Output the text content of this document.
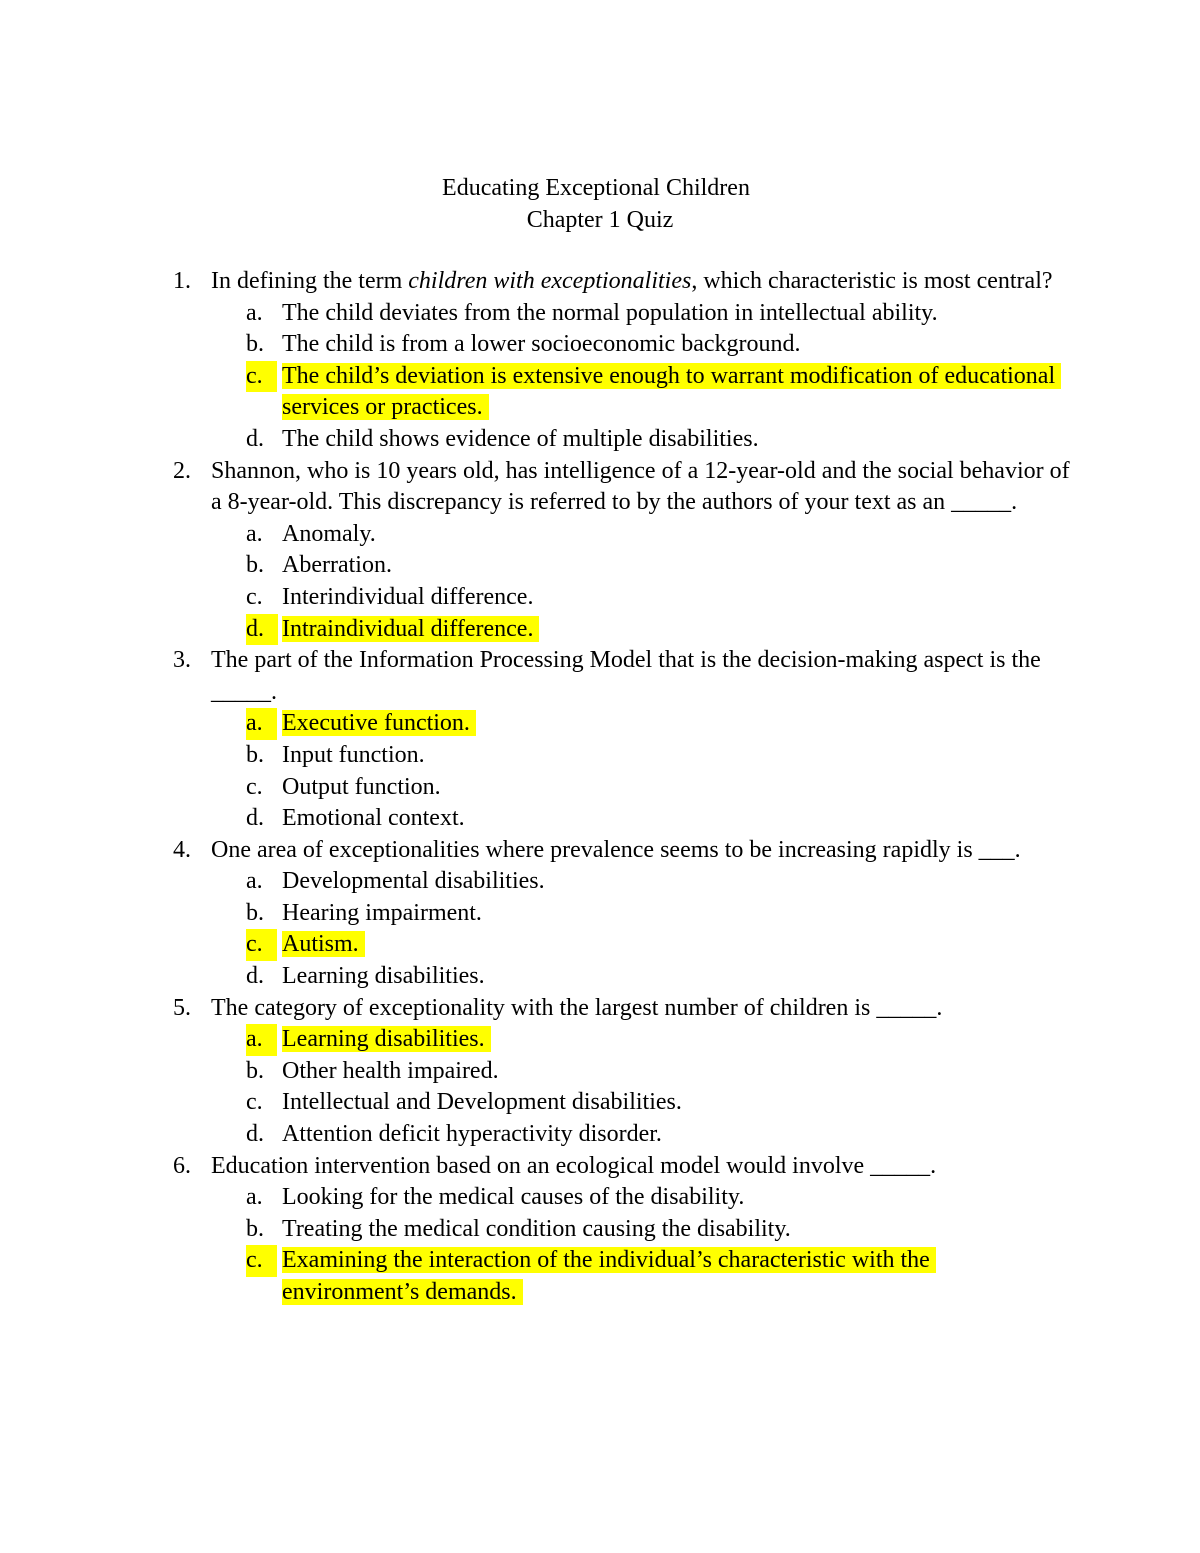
Educating Exceptional Children
Chapter 1 Quiz
1. In defining the term children with exceptionalities, which characteristic is most central?

a. The child deviates from the normal population in intellectual ability.
b. The child is from a lower socioeconomic background.
c. The child’s deviation is extensive enough to warrant modification of educational services or practices.
d. The child shows evidence of multiple disabilities.
2. Shannon, who is 10 years old, has intelligence of a 12-year-old and the social behavior of a 8-year-old. This discrepancy is referred to by the authors of your text as an _____.

a. Anomaly.
b. Aberration.
c. Interindividual difference.
d. Intraindividual difference.
3. The part of the Information Processing Model that is the decision-making aspect is the _____.

a. Executive function.
b. Input function.
c. Output function.
d. Emotional context.
4. One area of exceptionalities where prevalence seems to be increasing rapidly is ___.

a. Developmental disabilities.
b. Hearing impairment.
c. Autism.
d. Learning disabilities.
5. The category of exceptionality with the largest number of children is _____.

a. Learning disabilities.
b. Other health impaired.
c. Intellectual and Development disabilities.
d. Attention deficit hyperactivity disorder.
6. Education intervention based on an ecological model would involve _____.

a. Looking for the medical causes of the disability.
b. Treating the medical condition causing the disability.
c. Examining the interaction of the individual’s characteristic with the environment’s demands.
